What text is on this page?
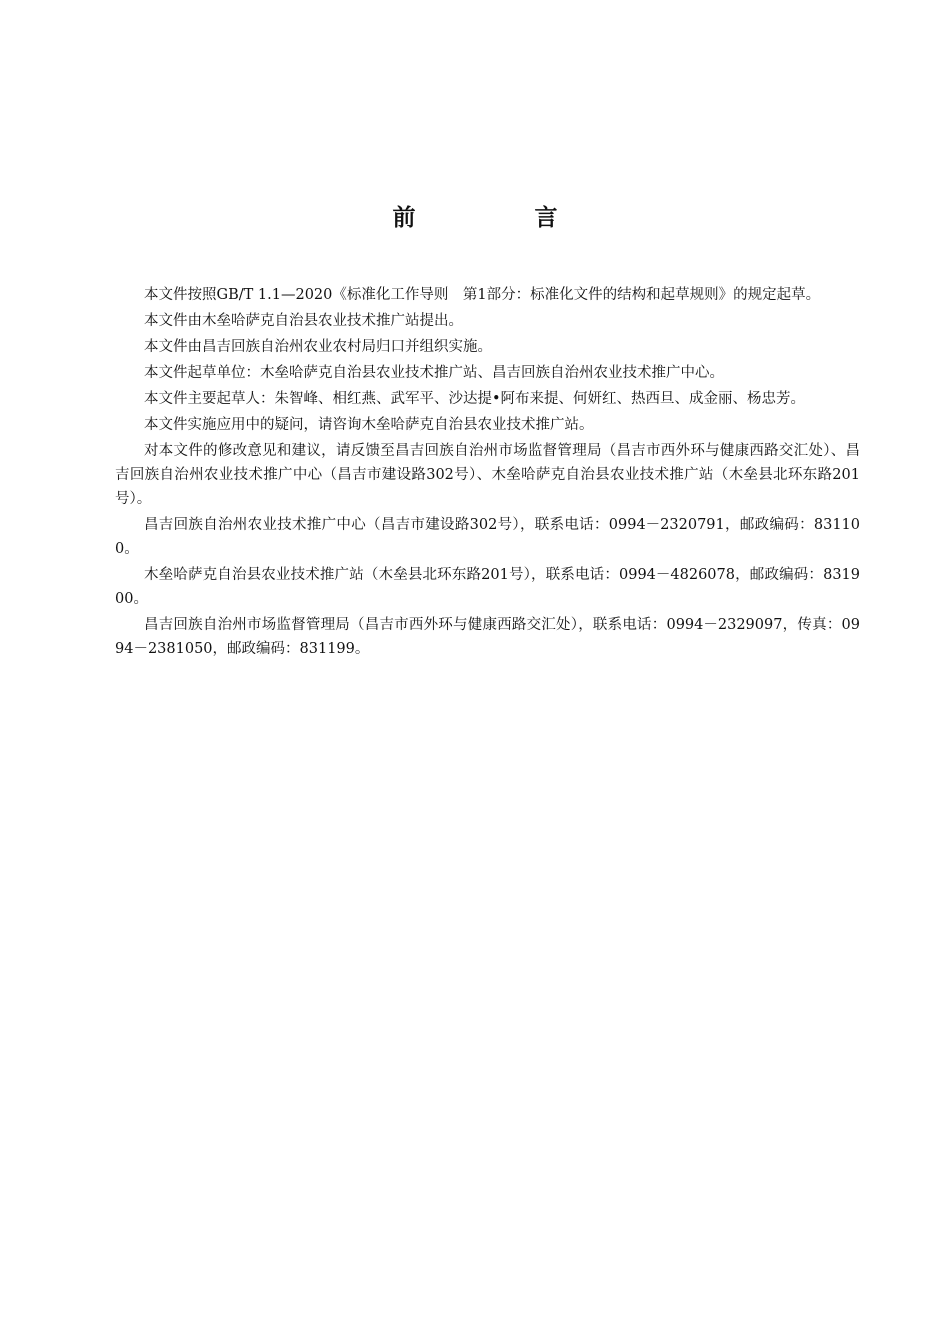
前　言

本文件按照GB/T 1.1—2020《标准化工作导则　第1部分：标准化文件的结构和起草规则》的规定起草。

本文件由木垒哈萨克自治县农业技术推广站提出。

本文件由昌吉回族自治州农业农村局归口并组织实施。

本文件起草单位：木垒哈萨克自治县农业技术推广站、昌吉回族自治州农业技术推广中心。

本文件主要起草人：朱智峰、相红燕、武军平、沙达提•阿布来提、何妍红、热西旦、成金丽、杨忠芳。

本文件实施应用中的疑问，请咨询木垒哈萨克自治县农业技术推广站。

对本文件的修改意见和建议，请反馈至昌吉回族自治州市场监督管理局（昌吉市西外环与健康西路交汇处）、昌吉回族自治州农业技术推广中心（昌吉市建设路302号）、木垒哈萨克自治县农业技术推广站（木垒县北环东路201号）。

昌吉回族自治州农业技术推广中心（昌吉市建设路302号），联系电话：0994－2320791，邮政编码：831100。

木垒哈萨克自治县农业技术推广站（木垒县北环东路201号），联系电话：0994－4826078，邮政编码：831900。

昌吉回族自治州市场监督管理局（昌吉市西外环与健康西路交汇处），联系电话：0994－2329097，传真：0994－2381050，邮政编码：831199。
